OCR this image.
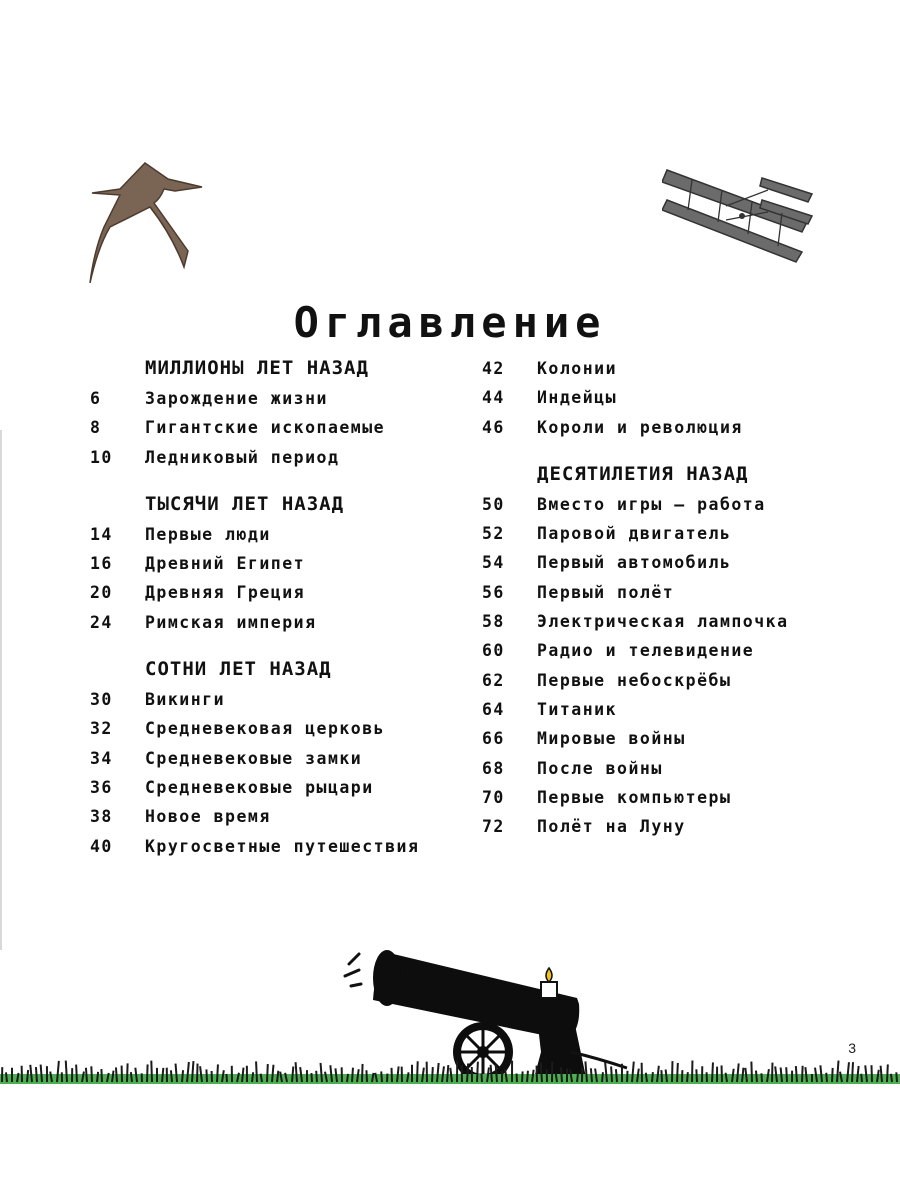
Оглавление
МИЛЛИОНЫ ЛЕТ НАЗАД
6	Зарождение жизни
8	Гигантские ископаемые
10 Ледниковый период
ТЫСЯЧИ ЛЕТ НАЗАД
14 Первые люди
16 Древний Египет
20 Древняя Греция
24 Римская империя
СОТНИ ЛЕТ НАЗАД
30 Викинги
32 Средневековая церковь
34 Средневековые замки
36 Средневековые рыцари
38 Новое время
40 Кругосветные путешествия
42 Колонии
44 Индейцы
46 Короли и революция
ДЕСЯТИЛЕТИЯ НАЗАД
50 Вместо игры – работа
52 Паровой двигатель
54 Первый автомобиль
56 Первый полёт
58 Электрическая лампочка
60 Радио и телевидение
62 Первые небоскрёбы
64 Титаник
66 Мировые войны
68 После войны
70 Первые компьютеры
72 Полёт на Луну
3
